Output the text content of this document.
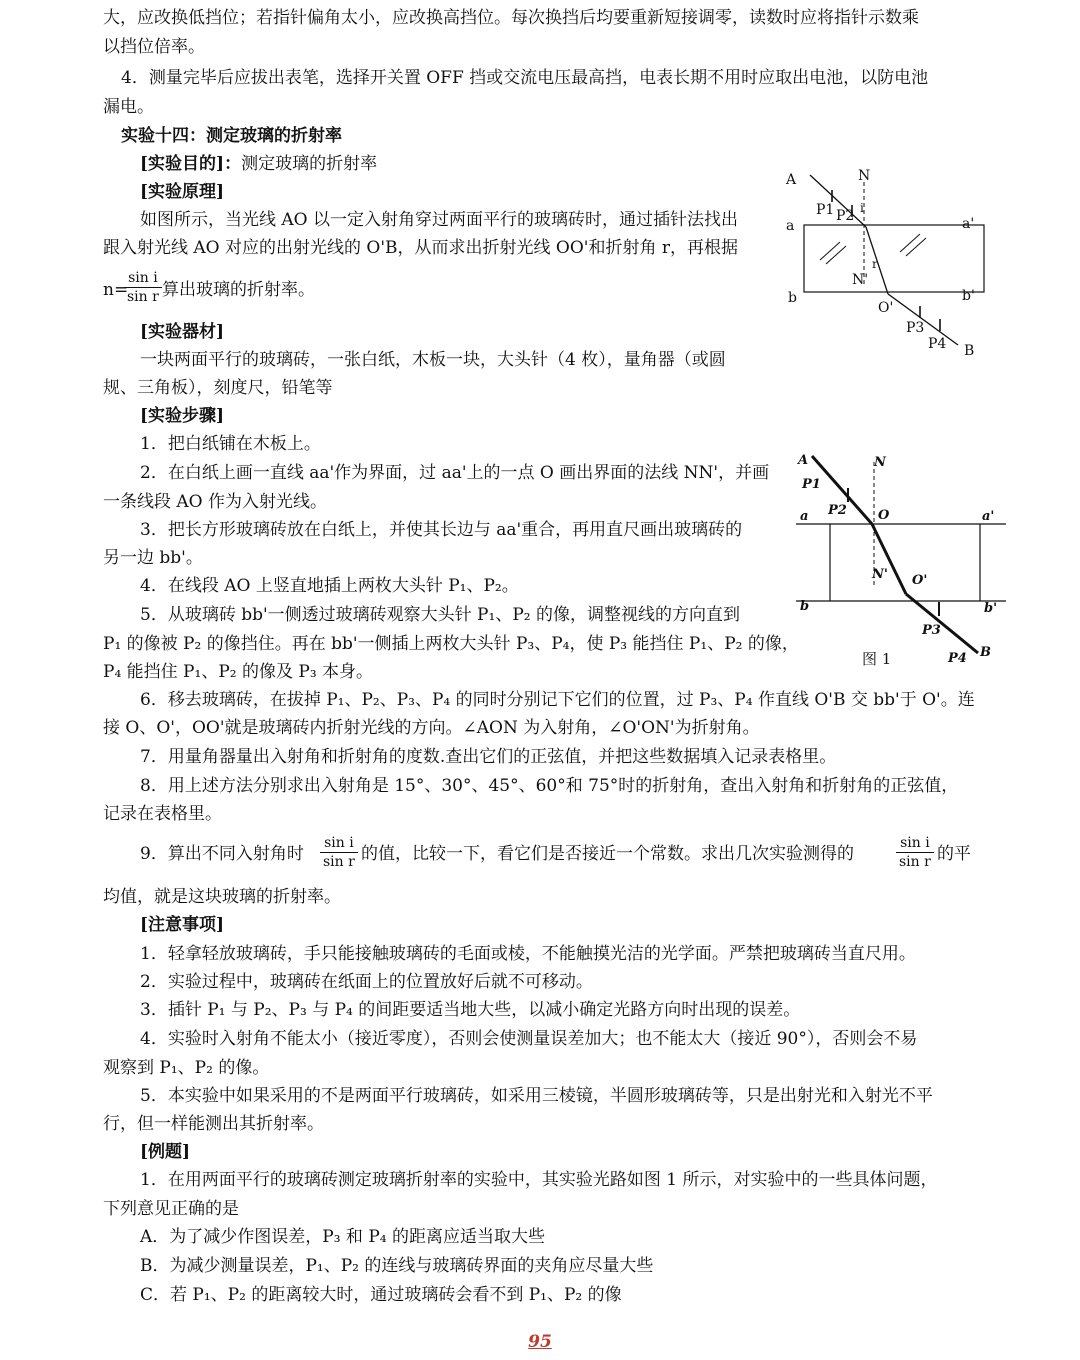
大，应改换低挡位；若指针偏角太小，应改换高挡位。每次换挡后均要重新短接调零，读数时应将指针示数乘
以挡位倍率。
4．测量完毕后应拔出表笔，选择开关置 OFF 挡或交流电压最高挡，电表长期不用时应取出电池，以防电池
漏电。
实验十四：测定玻璃的折射率
[实验目的]：测定玻璃的折射率
[实验原理]
如图所示，当光线 AO 以一定入射角穿过两面平行的玻璃砖时，通过插针法找出
跟入射光线 AO 对应的出射光线的 O'B，从而求出折射光线 OO'和折射角 r，再根据
n=
$\frac{\text{sin i}}{\text{sin r}}$ 算出玻璃的折射率。
[实验器材]
一块两面平行的玻璃砖，一张白纸，木板一块，大头针（4 枚），量角器（或圆
规、三角板），刻度尺，铅笔等
[实验步骤]
1．把白纸铺在木板上。
2．在白纸上画一直线 aa'作为界面，过 aa'上的一点 O 画出界面的法线 NN'，并画
一条线段 AO 作为入射光线。
3．把长方形玻璃砖放在白纸上，并使其长边与 aa'重合，再用直尺画出玻璃砖的
另一边 bb'。
4．在线段 AO 上竖直地插上两枚大头针 P₁、P₂。
5．从玻璃砖 bb'一侧透过玻璃砖观察大头针 P₁、P₂ 的像，调整视线的方向直到
P₁ 的像被 P₂ 的像挡住。再在 bb'一侧插上两枚大头针 P₃、P₄，使 P₃ 能挡住 P₁、P₂ 的像，
P₄ 能挡住 P₁、P₂ 的像及 P₃ 本身。
6．移去玻璃砖，在拔掉 P₁、P₂、P₃、P₄ 的同时分别记下它们的位置，过 P₃、P₄ 作直线 O'B 交 bb'于 O'。连
接 O、O'，OO'就是玻璃砖内折射光线的方向。∠AON 为入射角，∠O'ON'为折射角。
7．用量角器量出入射角和折射角的度数.查出它们的正弦值，并把这些数据填入记录表格里。
8．用上述方法分别求出入射角是 15°、30°、45°、60°和 75°时的折射角，查出入射角和折射角的正弦值，
记录在表格里。
9．算出不同入射角时 $\frac{\text{sin i}}{\text{sin r}}$ 的值，比较一下，看它们是否接近一个常数。求出几次实验测得的	$\frac{\text{sin i}}{\text{sin r}}$ 的平
均值，就是这块玻璃的折射率。
[注意事项]
1．轻拿轻放玻璃砖，手只能接触玻璃砖的毛面或棱，不能触摸光洁的光学面。严禁把玻璃砖当直尺用。
2．实验过程中，玻璃砖在纸面上的位置放好后就不可移动。
3．插针 P₁ 与 P₂、P₃ 与 P₄ 的间距要适当地大些，以减小确定光路方向时出现的误差。
4．实验时入射角不能太小（接近零度），否则会使测量误差加大；也不能太大（接近 90°），否则会不易
观察到 P₁、P₂ 的像。
5．本实验中如果采用的不是两面平行玻璃砖，如采用三棱镜，半圆形玻璃砖等，只是出射光和入射光不平
行，但一样能测出其折射率。
[例题]
1．在用两面平行的玻璃砖测定玻璃折射率的实验中，其实验光路如图 1 所示，对实验中的一些具体问题，
下列意见正确的是
A．为了减少作图误差，P₃ 和 P₄ 的距离应适当取大些
B．为减少测量误差，P₁、P₂ 的连线与玻璃砖界面的夹角应尽量大些
C．若 P₁、P₂ 的距离较大时，通过玻璃砖会看不到 P₁、P₂ 的像
A	N
P1 P2 i
a	a'
N'
r
b	b'
O'
P3
P4 B
A	N
P1
P2 O
a	a'
N' O'
b	b'
P3
P4 B
图 1
95
